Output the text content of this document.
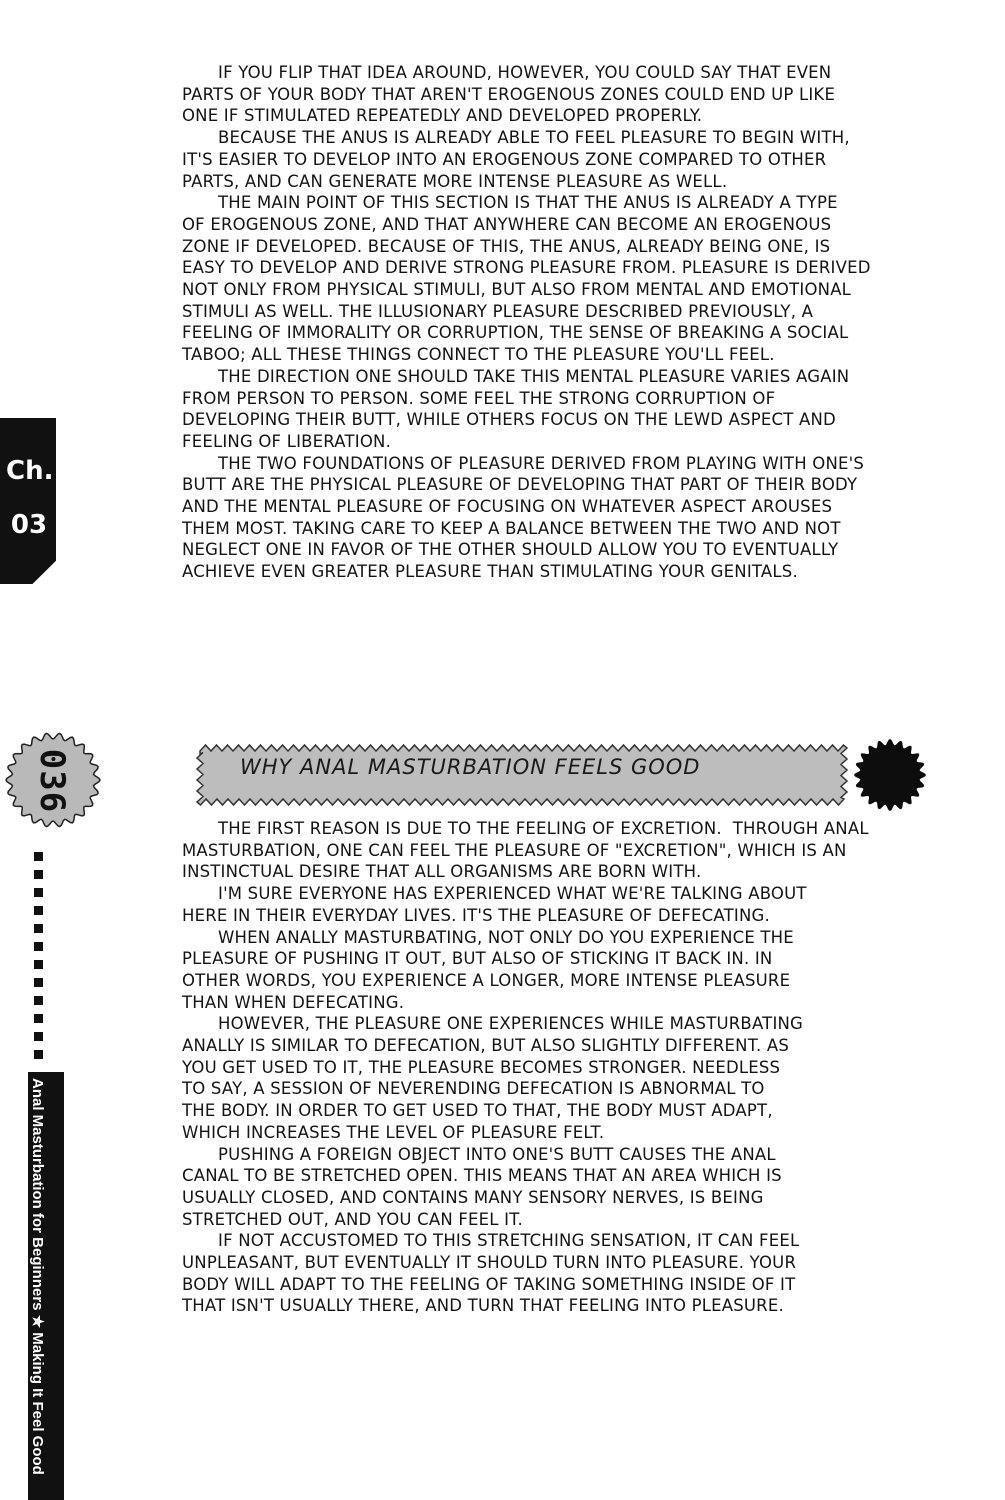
Ch.
03

IF YOU FLIP THAT IDEA AROUND, HOWEVER, YOU COULD SAY THAT EVEN
PARTS OF YOUR BODY THAT AREN'T EROGENOUS ZONES COULD END UP LIKE
ONE IF STIMULATED REPEATEDLY AND DEVELOPED PROPERLY.

BECAUSE THE ANUS IS ALREADY ABLE TO FEEL PLEASURE TO BEGIN WITH,
IT'S EASIER TO DEVELOP INTO AN EROGENOUS ZONE COMPARED TO OTHER
PARTS, AND CAN GENERATE MORE INTENSE PLEASURE AS WELL.

THE MAIN POINT OF THIS SECTION IS THAT THE ANUS IS ALREADY A TYPE
OF EROGENOUS ZONE, AND THAT ANYWHERE CAN BECOME AN EROGENOUS
ZONE IF DEVELOPED. BECAUSE OF THIS, THE ANUS, ALREADY BEING ONE, IS
EASY TO DEVELOP AND DERIVE STRONG PLEASURE FROM. PLEASURE IS DERIVED
NOT ONLY FROM PHYSICAL STIMULI, BUT ALSO FROM MENTAL AND EMOTIONAL
STIMULI AS WELL. THE ILLUSIONARY PLEASURE DESCRIBED PREVIOUSLY, A
FEELING OF IMMORALITY OR CORRUPTION, THE SENSE OF BREAKING A SOCIAL
TABOO; ALL THESE THINGS CONNECT TO THE PLEASURE YOU'LL FEEL.

THE DIRECTION ONE SHOULD TAKE THIS MENTAL PLEASURE VARIES AGAIN
FROM PERSON TO PERSON. SOME FEEL THE STRONG CORRUPTION OF
DEVELOPING THEIR BUTT, WHILE OTHERS FOCUS ON THE LEWD ASPECT AND
FEELING OF LIBERATION.

THE TWO FOUNDATIONS OF PLEASURE DERIVED FROM PLAYING WITH ONE'S
BUTT ARE THE PHYSICAL PLEASURE OF DEVELOPING THAT PART OF THEIR BODY
AND THE MENTAL PLEASURE OF FOCUSING ON WHATEVER ASPECT AROUSES
THEM MOST. TAKING CARE TO KEEP A BALANCE BETWEEN THE TWO AND NOT
NEGLECT ONE IN FAVOR OF THE OTHER SHOULD ALLOW YOU TO EVENTUALLY
ACHIEVE EVEN GREATER PLEASURE THAN STIMULATING YOUR GENITALS.

036
Anal Masturbation for Beginners ★ Making It Feel Good
WHY ANAL MASTURBATION FEELS GOOD

THE FIRST REASON IS DUE TO THE FEELING OF EXCRETION.  THROUGH ANAL
MASTURBATION, ONE CAN FEEL THE PLEASURE OF "EXCRETION", WHICH IS AN
INSTINCTUAL DESIRE THAT ALL ORGANISMS ARE BORN WITH.

I'M SURE EVERYONE HAS EXPERIENCED WHAT WE'RE TALKING ABOUT
HERE IN THEIR EVERYDAY LIVES. IT'S THE PLEASURE OF DEFECATING.

WHEN ANALLY MASTURBATING, NOT ONLY DO YOU EXPERIENCE THE
PLEASURE OF PUSHING IT OUT, BUT ALSO OF STICKING IT BACK IN. IN
OTHER WORDS, YOU EXPERIENCE A LONGER, MORE INTENSE PLEASURE
THAN WHEN DEFECATING.

HOWEVER, THE PLEASURE ONE EXPERIENCES WHILE MASTURBATING
ANALLY IS SIMILAR TO DEFECATION, BUT ALSO SLIGHTLY DIFFERENT. AS
YOU GET USED TO IT, THE PLEASURE BECOMES STRONGER. NEEDLESS
TO SAY, A SESSION OF NEVERENDING DEFECATION IS ABNORMAL TO
THE BODY. IN ORDER TO GET USED TO THAT, THE BODY MUST ADAPT,
WHICH INCREASES THE LEVEL OF PLEASURE FELT.

PUSHING A FOREIGN OBJECT INTO ONE'S BUTT CAUSES THE ANAL
CANAL TO BE STRETCHED OPEN. THIS MEANS THAT AN AREA WHICH IS
USUALLY CLOSED, AND CONTAINS MANY SENSORY NERVES, IS BEING
STRETCHED OUT, AND YOU CAN FEEL IT.

IF NOT ACCUSTOMED TO THIS STRETCHING SENSATION, IT CAN FEEL
UNPLEASANT, BUT EVENTUALLY IT SHOULD TURN INTO PLEASURE. YOUR
BODY WILL ADAPT TO THE FEELING OF TAKING SOMETHING INSIDE OF IT
THAT ISN'T USUALLY THERE, AND TURN THAT FEELING INTO PLEASURE.
